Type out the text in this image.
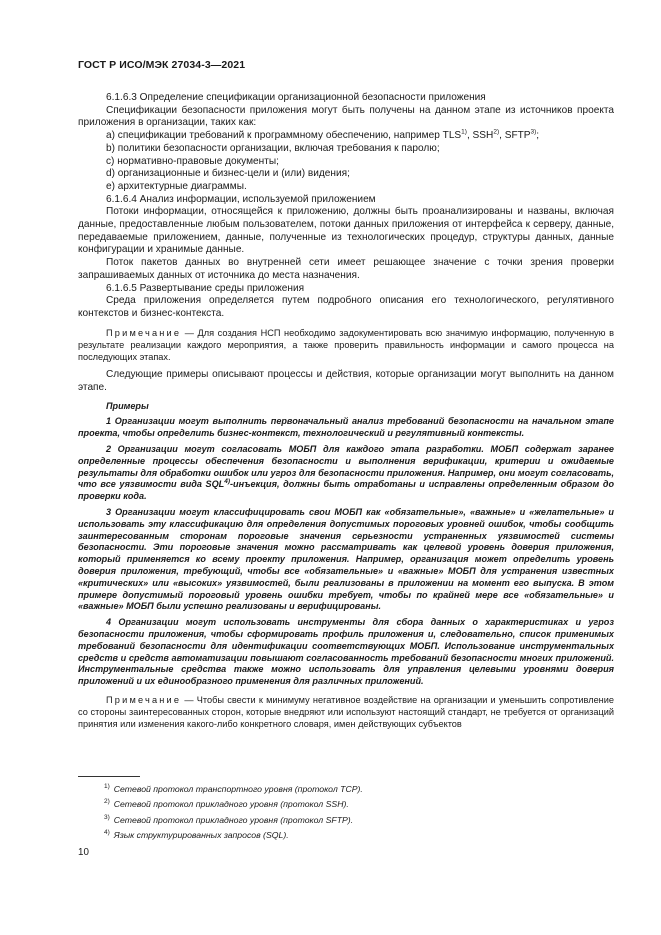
ГОСТ Р ИСО/МЭК 27034-3—2021

6.1.6.3 Определение спецификации организационной безопасности приложения

Спецификации безопасности приложения могут быть получены на данном этапе из источников проекта приложения в организации, таких как:

a) спецификации требований к программному обеспечению, например TLS$^{1)}$, SSH$^{2)}$, SFTP$^{3)}$;

b) политики безопасности организации, включая требования к паролю;

c) нормативно-правовые документы;

d) организационные и бизнес-цели и (или) видения;

e) архитектурные диаграммы.

6.1.6.4 Анализ информации, используемой приложением

Потоки информации, относящейся к приложению, должны быть проанализированы и названы, включая данные, предоставленные любым пользователем, потоки данных приложения от интерфейса к серверу, данные, передаваемые приложением, данные, полученные из технологических процедур, структуры данных, данные конфигурации и хранимые данные.

Поток пакетов данных во внутренней сети имеет решающее значение с точки зрения проверки запрашиваемых данных от источника до места назначения.

6.1.6.5 Развертывание среды приложения

Среда приложения определяется путем подробного описания его технологического, регулятивного контекстов и бизнес-контекста.

Примечание — Для создания НСП необходимо задокументировать всю значимую информацию, полученную в результате реализации каждого мероприятия, а также проверить правильность информации и самого процесса на последующих этапах.

Следующие примеры описывают процессы и действия, которые организации могут выполнить на данном этапе.

Примеры

1 Организации могут выполнить первоначальный анализ требований безопасности на начальном этапе проекта, чтобы определить бизнес-контекст, технологический и регулятивный контексты.

2 Организации могут согласовать МОБП для каждого этапа разработки. МОБП содержат заранее определенные процессы обеспечения безопасности и выполнения верификации, критерии и ожидаемые результаты для обработки ошибок или угроз для безопасности приложения. Например, они могут согласовать, что все уязвимости вида SQL$^{4)}$-инъекция, должны быть отработаны и исправлены определенным образом до проверки кода.

3 Организации могут классифицировать свои МОБП как «обязательные», «важные» и «желательные» и использовать эту классификацию для определения допустимых пороговых уровней ошибок, чтобы сообщить заинтересованным сторонам пороговые значения серьезности устраненных уязвимостей системы безопасности. Эти пороговые значения можно рассматривать как целевой уровень доверия приложения, который применяется ко всему проекту приложения. Например, организация может определить уровень доверия приложения, требующий, чтобы все «обязательные» и «важные» МОБП для устранения известных «критических» или «высоких» уязвимостей, были реализованы в приложении на момент его выпуска. В этом примере допустимый пороговый уровень ошибки требует, чтобы по крайней мере все «обязательные» и «важные» МОБП были успешно реализованы и верифицированы.

4 Организации могут использовать инструменты для сбора данных о характеристиках и угроз безопасности приложения, чтобы сформировать профиль приложения и, следовательно, список применимых требований безопасности для идентификации соответствующих МОБП. Использование инструментальных средств и средств автоматизации повышают согласованность требований безопасности многих приложений. Инструментальные средства также можно использовать для управления целевыми уровнями доверия приложений и их единообразного применения для различных приложений.

Примечание — Чтобы свести к минимуму негативное воздействие на организации и уменьшить сопротивление со стороны заинтересованных сторон, которые внедряют или используют настоящий стандарт, не требуется от организаций принятия или изменения какого-либо конкретного словаря, имен действующих субъектов

$^{1)}$ Сетевой протокол транспортного уровня (протокол TCP).
$^{2)}$ Сетевой протокол прикладного уровня (протокол SSH).
$^{3)}$ Сетевой протокол прикладного уровня (протокол SFTP).
$^{4)}$ Язык структурированных запросов (SQL).
10
